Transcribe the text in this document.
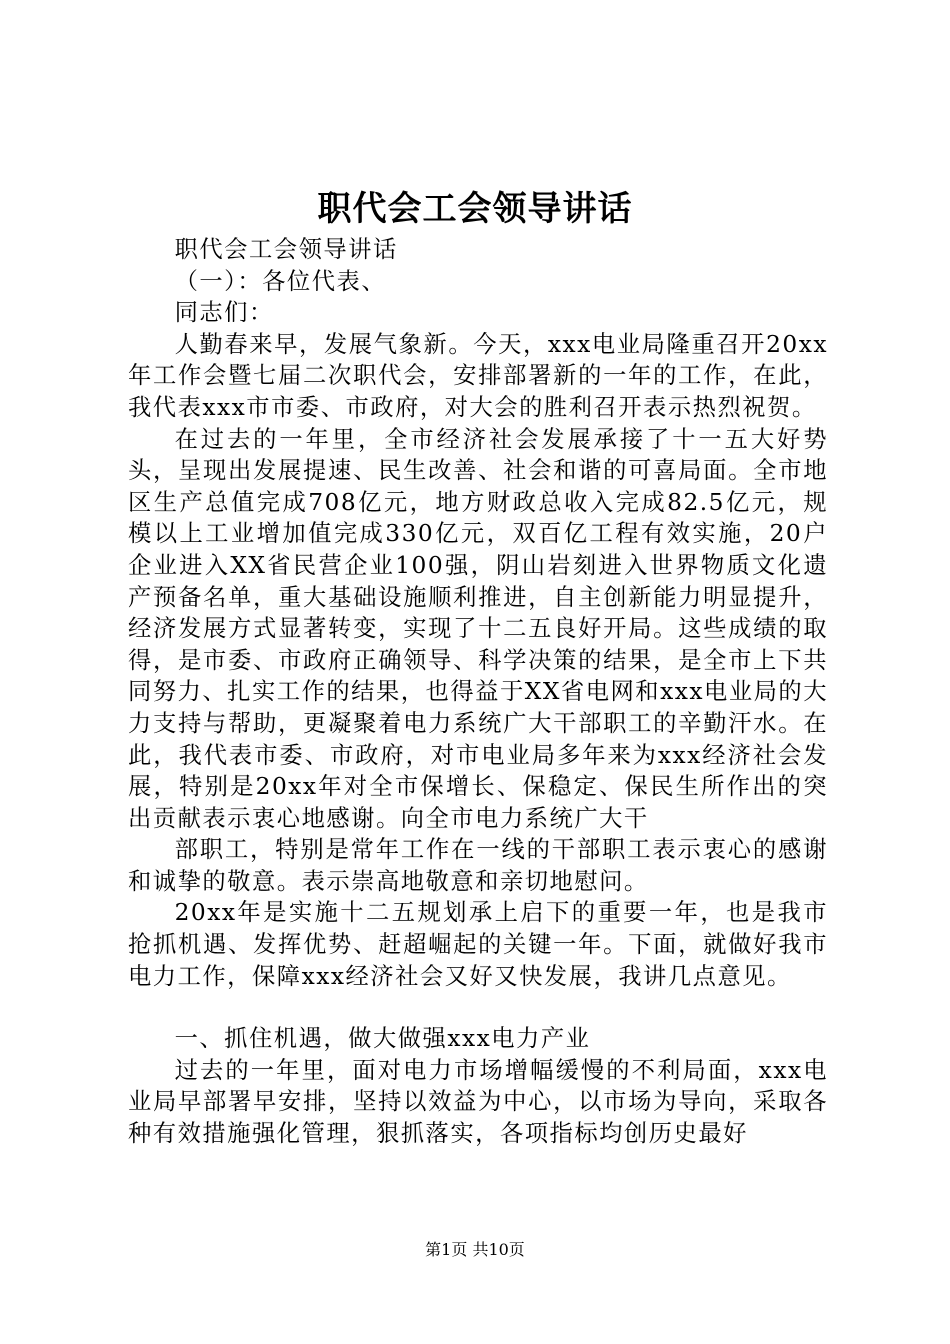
职代会工会领导讲话

职代会工会领导讲话

（一）：各位代表、

同志们：

人勤春来早，发展气象新。今天，xxx电业局隆重召开20xx年工作会暨七届二次职代会，安排部署新的一年的工作，在此，我代表xxx市市委、市政府，对大会的胜利召开表示热烈祝贺。

在过去的一年里，全市经济社会发展承接了十一五大好势头，呈现出发展提速、民生改善、社会和谐的可喜局面。全市地区生产总值完成708亿元，地方财政总收入完成82.5亿元，规模以上工业增加值完成330亿元，双百亿工程有效实施，20户企业进入XX省民营企业100强，阴山岩刻进入世界物质文化遗产预备名单，重大基础设施顺利推进，自主创新能力明显提升，经济发展方式显著转变，实现了十二五良好开局。这些成绩的取得，是市委、市政府正确领导、科学决策的结果，是全市上下共同努力、扎实工作的结果，也得益于XX省电网和xxx电业局的大力支持与帮助，更凝聚着电力系统广大干部职工的辛勤汗水。在此，我代表市委、市政府，对市电业局多年来为xxx经济社会发展，特别是20xx年对全市保增长、保稳定、保民生所作出的突出贡献表示衷心地感谢。向全市电力系统广大干

部职工，特别是常年工作在一线的干部职工表示衷心的感谢和诚挚的敬意。表示崇高地敬意和亲切地慰问。

20xx年是实施十二五规划承上启下的重要一年，也是我市抢抓机遇、发挥优势、赶超崛起的关键一年。下面，就做好我市电力工作，保障xxx经济社会又好又快发展，我讲几点意见。

一、抓住机遇，做大做强xxx电力产业

过去的一年里，面对电力市场增幅缓慢的不利局面，xxx电业局早部署早安排，坚持以效益为中心，以市场为导向，采取各种有效措施强化管理，狠抓落实，各项指标均创历史最好

第1页 共10页
